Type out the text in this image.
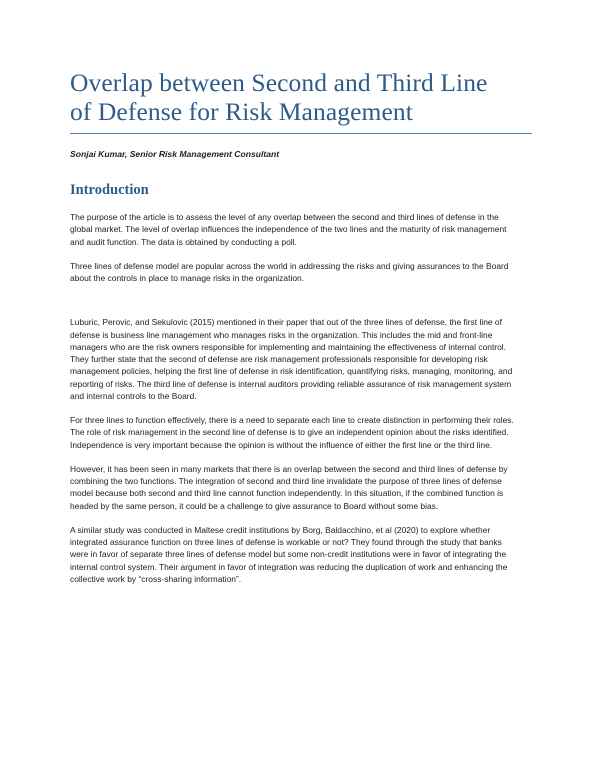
Overlap between Second and Third Line
of Defense for Risk Management
Sonjai Kumar, Senior Risk Management Consultant
Introduction

The purpose of the article is to assess the level of any overlap between the second and third lines of defense in the global market. The level of overlap influences the independence of the two lines and the maturity of risk management and audit function. The data is obtained by conducting a poll.

Three lines of defense model are popular across the world in addressing the risks and giving assurances to the Board about the controls in place to manage risks in the organization.

Luburic, Perovic, and Sekulovic (2015) mentioned in their paper that out of the three lines of defense, the first line of defense is business line management who manages risks in the organization. This includes the mid and front-line managers who are the risk owners responsible for implementing and maintaining the effectiveness of internal control. They further state that the second of defense are risk management professionals responsible for developing risk management policies, helping the first line of defense in risk identification, quantifying risks, managing, monitoring, and reporting of risks. The third line of defense is internal auditors providing reliable assurance of risk management system and internal controls to the Board.

For three lines to function effectively, there is a need to separate each line to create distinction in performing their roles. The role of risk management in the second line of defense is to give an independent opinion about the risks identified. Independence is very important because the opinion is without the influence of either the first line or the third line.

However, it has been seen in many markets that there is an overlap between the second and third lines of defense by combining the two functions. The integration of second and third line invalidate the purpose of three lines of defense model because both second and third line cannot function independently. In this situation, if the combined function is headed by the same person, it could be a challenge to give assurance to Board without some bias.

A similar study was conducted in Maltese credit institutions by Borg, Baldacchino, et al (2020) to explore whether integrated assurance function on three lines of defense is workable or not? They found through the study that banks were in favor of separate three lines of defense model but some non-credit institutions were in favor of integrating the internal control system. Their argument in favor of integration was reducing the duplication of work and enhancing the collective work by “cross-sharing information”.
